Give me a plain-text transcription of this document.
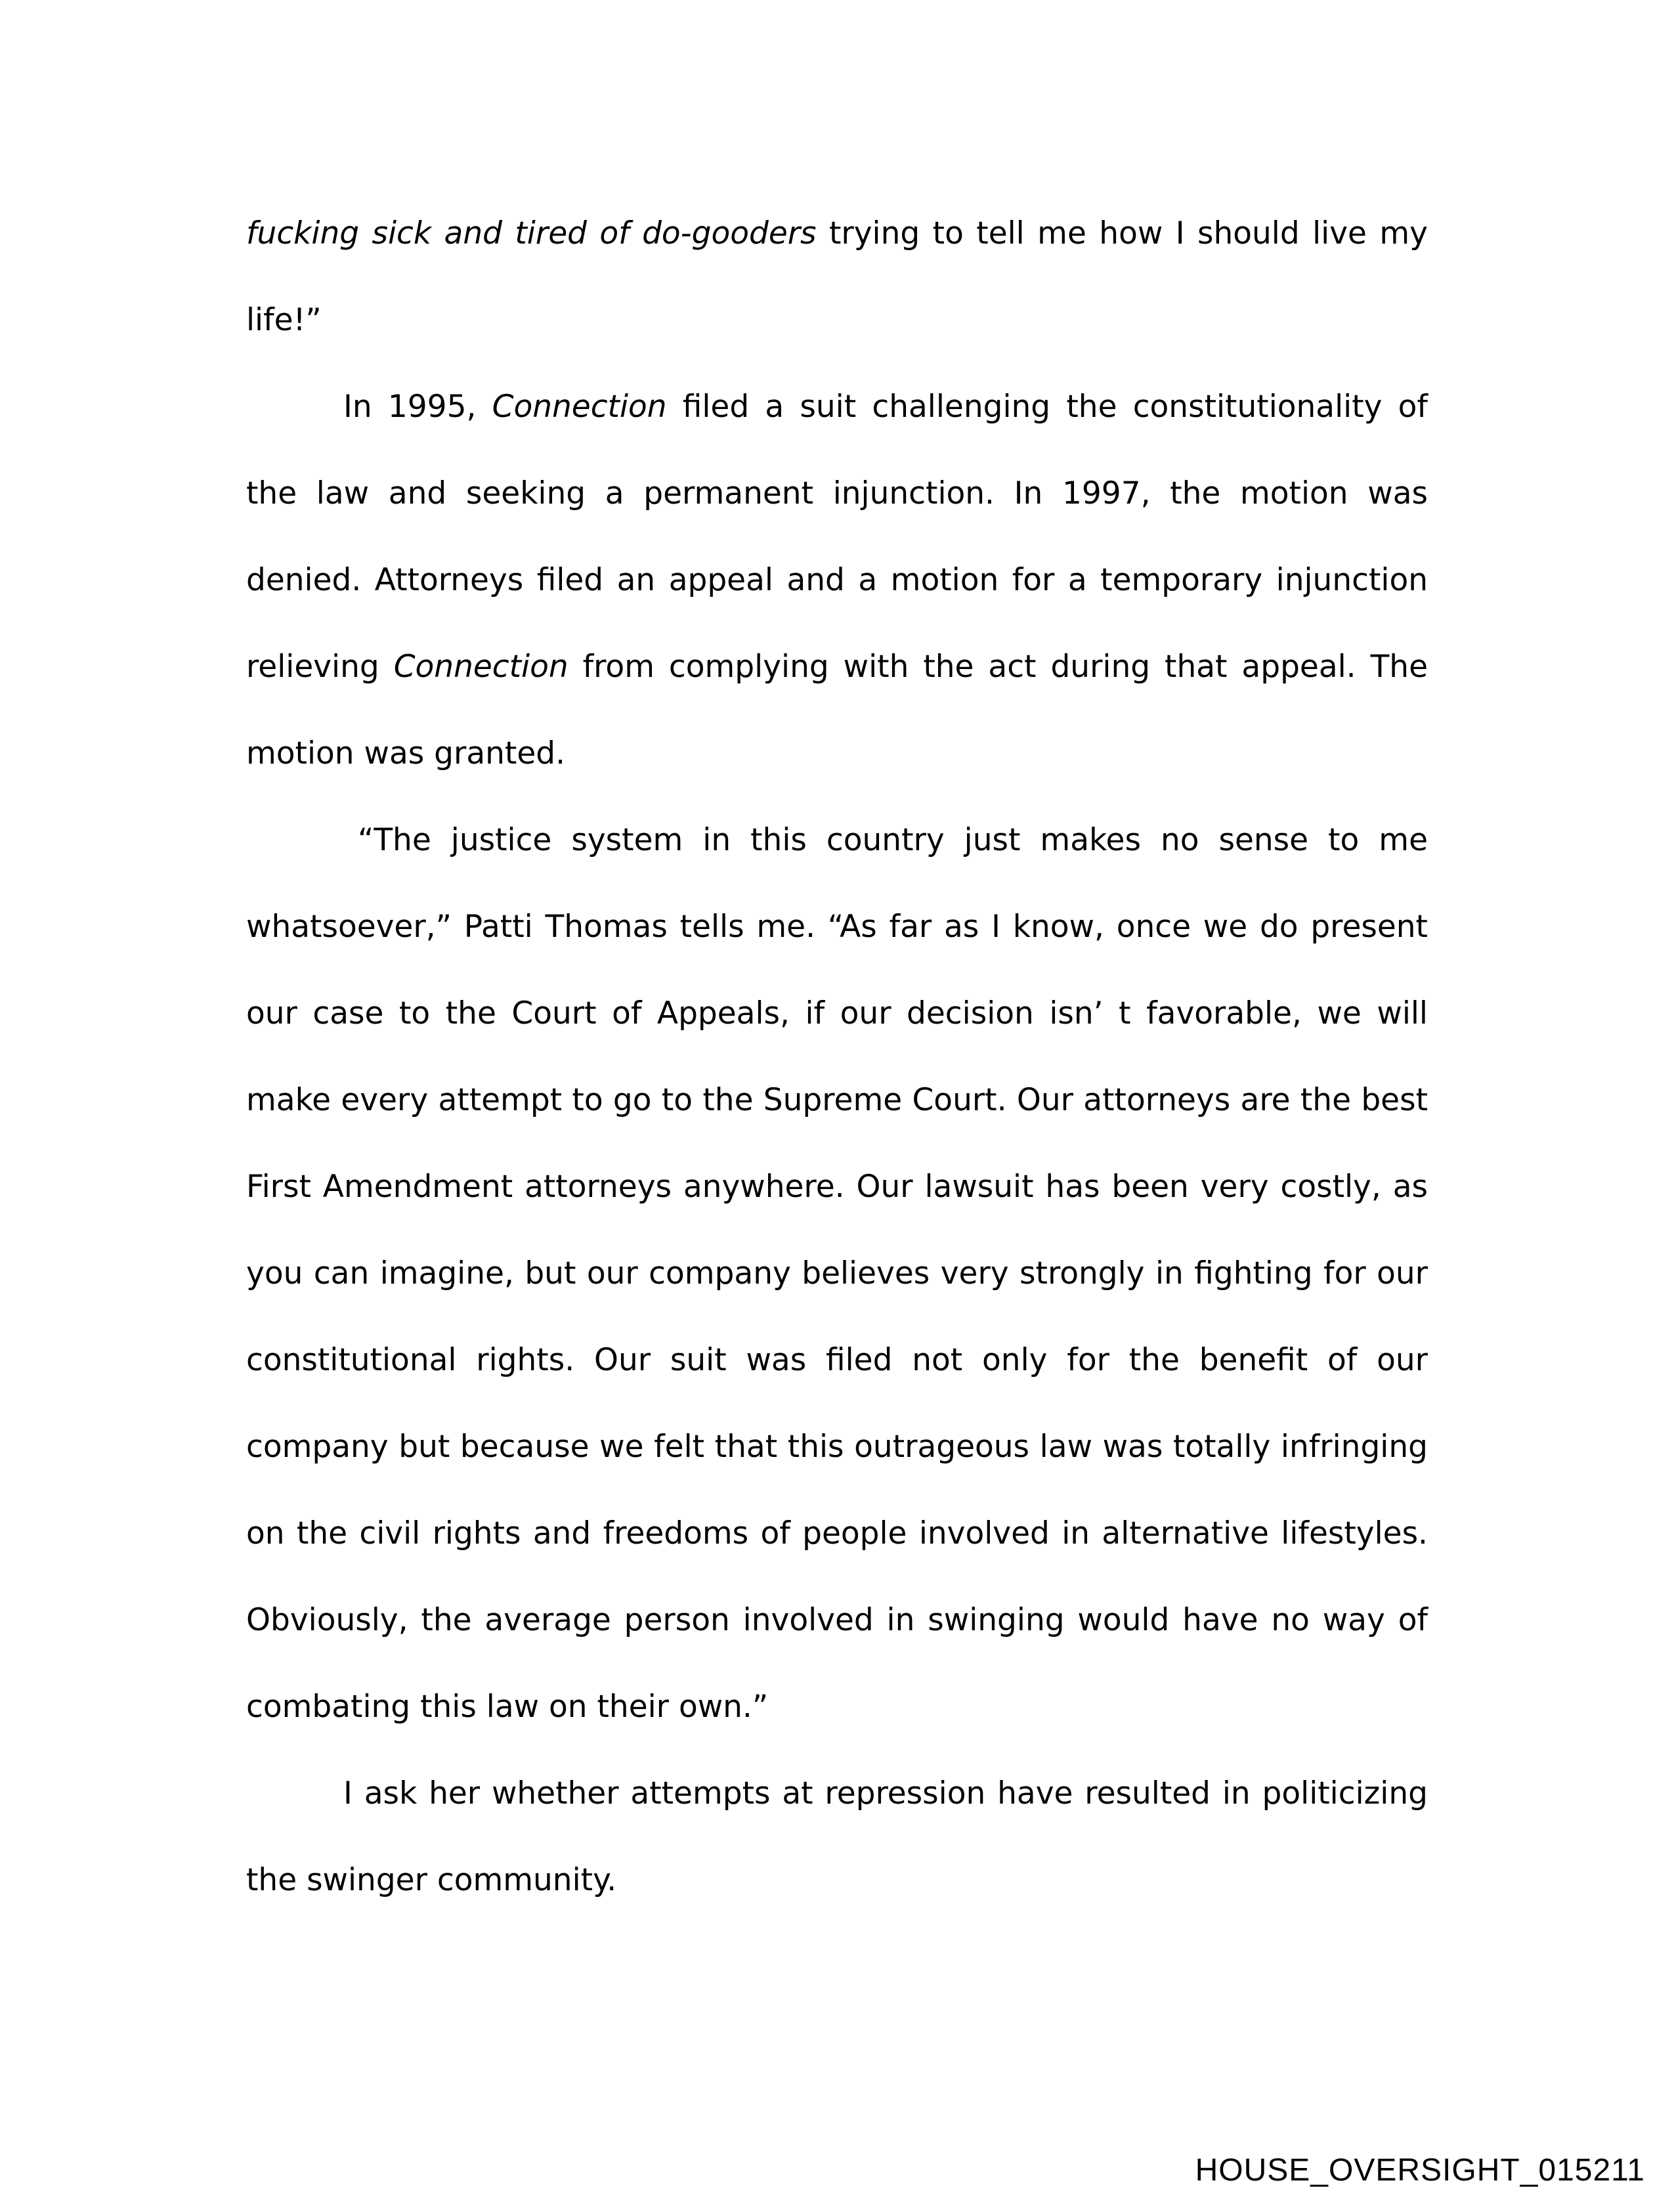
fucking sick and tired of do-gooders trying to tell me how I should live my life!”

In 1995, Connection filed a suit challenging the constitutionality of the law and seeking a permanent injunction. In 1997, the motion was denied. Attorneys filed an appeal and a motion for a temporary injunction relieving Connection from complying with the act during that appeal. The motion was granted.

“The justice system in this country just makes no sense to me whatsoever,” Patti Thomas tells me. “As far as I know, once we do present our case to the Court of Appeals, if our decision isn’ t favorable, we will make every attempt to go to the Supreme Court. Our attorneys are the best First Amendment attorneys anywhere. Our lawsuit has been very costly, as you can imagine, but our company believes very strongly in fighting for our constitutional rights. Our suit was filed not only for the benefit of our company but because we felt that this outrageous law was totally infringing on the civil rights and freedoms of people involved in alternative lifestyles. Obviously, the average person involved in swinging would have no way of combating this law on their own.”

I ask her whether attempts at repression have resulted in politicizing the swinger community.

HOUSE_OVERSIGHT_015211
